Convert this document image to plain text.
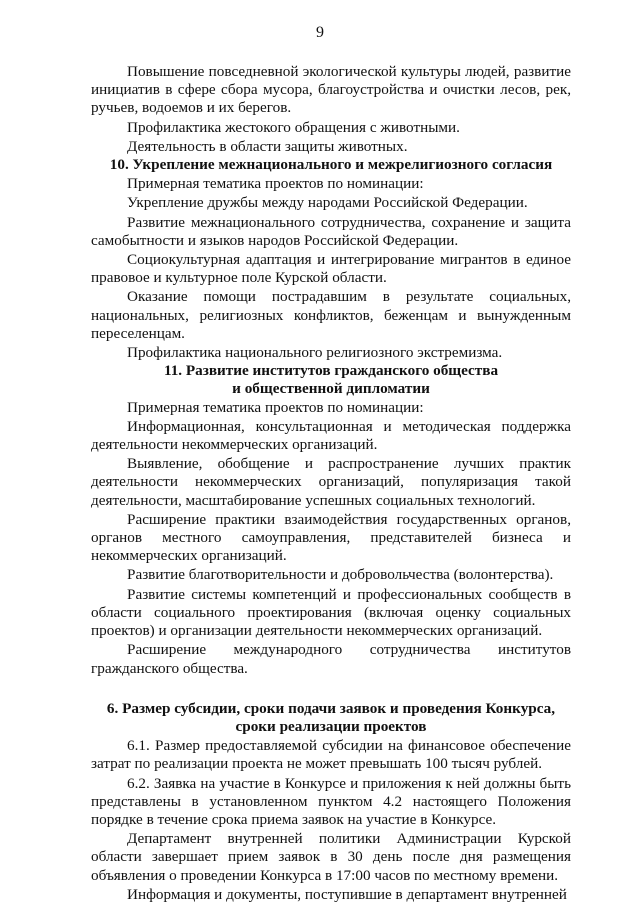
9

Повышение повседневной экологической культуры людей, развитие инициатив в сфере сбора мусора, благоустройства и очистки лесов, рек, ручьев, водоемов и их берегов.

Профилактика жестокого обращения с животными.

Деятельность в области защиты животных.

10. Укрепление межнационального и межрелигиозного согласия

Примерная тематика проектов по номинации:

Укрепление дружбы между народами Российской Федерации.

Развитие межнационального сотрудничества, сохранение и защита самобытности и языков народов Российской Федерации.

Социокультурная адаптация и интегрирование мигрантов в единое правовое и культурное поле Курской области.

Оказание помощи пострадавшим в результате социальных, национальных, религиозных конфликтов, беженцам и вынужденным переселенцам.

Профилактика национального религиозного экстремизма.

11. Развитие институтов гражданского общества

и общественной дипломатии

Примерная тематика проектов по номинации:

Информационная, консультационная и методическая поддержка деятельности некоммерческих организаций.

Выявление, обобщение и распространение лучших практик деятельности некоммерческих организаций, популяризация такой деятельности, масштабирование успешных социальных технологий.

Расширение практики взаимодействия государственных органов, органов местного самоуправления, представителей бизнеса и некоммерческих организаций.

Развитие благотворительности и добровольчества (волонтерства).

Развитие системы компетенций и профессиональных сообществ в области социального проектирования (включая оценку социальных проектов) и организации деятельности некоммерческих организаций.

Расширение международного сотрудничества институтов гражданского общества.

6. Размер субсидии, сроки подачи заявок и проведения Конкурса,

сроки реализации проектов

6.1. Размер предоставляемой субсидии на финансовое обеспечение затрат по реализации проекта не может превышать 100 тысяч рублей.

6.2. Заявка на участие в Конкурсе и приложения к ней должны быть представлены в установленном пунктом 4.2 настоящего Положения порядке в течение срока приема заявок на участие в Конкурсе.

Департамент внутренней политики Администрации Курской области завершает прием заявок в 30 день после дня размещения объявления о проведении Конкурса в 17:00 часов по местному времени.

Информация и документы, поступившие в департамент внутренней
